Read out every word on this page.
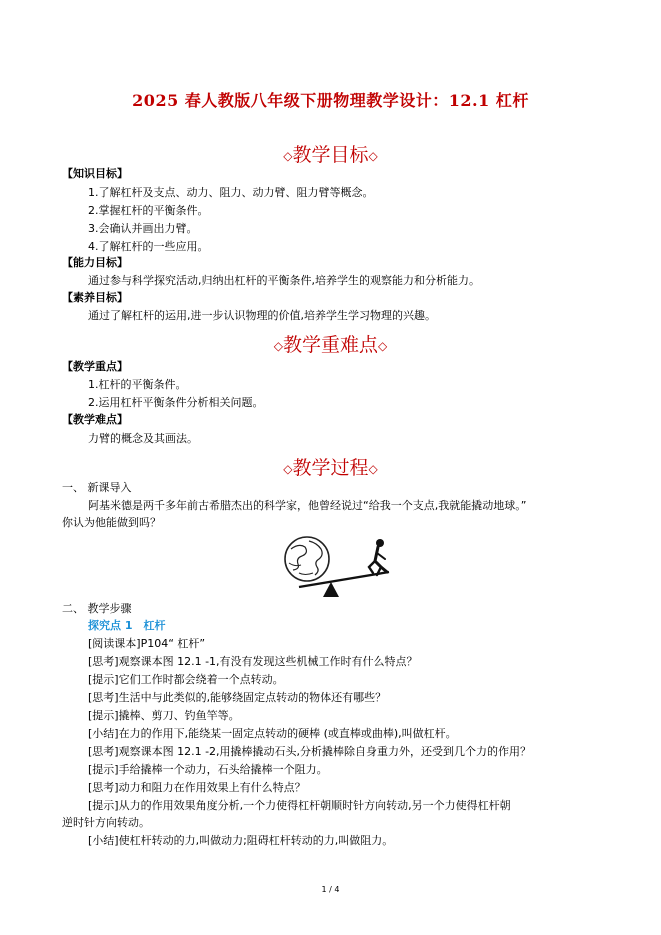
2025 春人教版八年级下册物理教学设计：12.1 杠杆
◇教学目标◇
【知识目标】
1.了解杠杆及支点、动力、阻力、动力臂、阻力臂等概念。
2.掌握杠杆的平衡条件。
3.会确认并画出力臂。
4.了解杠杆的一些应用。
【能力目标】
通过参与科学探究活动,归纳出杠杆的平衡条件,培养学生的观察能力和分析能力。
【素养目标】
通过了解杠杆的运用,进一步认识物理的价值,培养学生学习物理的兴趣。
◇教学重难点◇
【教学重点】
1.杠杆的平衡条件。
2.运用杠杆平衡条件分析相关问题。
【教学难点】
力臂的概念及其画法。
◇教学过程◇
一、 新课导入
阿基米德是两千多年前古希腊杰出的科学家，他曾经说过“给我一个支点,我就能撬动地球。”
你认为他能做到吗？
二、 教学步骤
探究点 1　杠杆
[阅读课本]P104“ 杠杆”
[思考]观察课本图 12.1 -1,有没有发现这些机械工作时有什么特点？
[提示]它们工作时都会绕着一个点转动。
[思考]生活中与此类似的,能够绕固定点转动的物体还有哪些？
[提示]撬棒、剪刀、钓鱼竿等。
[小结]在力的作用下,能绕某一固定点转动的硬棒 (或直棒或曲棒),叫做杠杆。
[思考]观察课本图 12.1 -2,用撬棒撬动石头,分析撬棒除自身重力外，还受到几个力的作用？
[提示]手给撬棒一个动力，石头给撬棒一个阻力。
[思考]动力和阻力在作用效果上有什么特点？
[提示]从力的作用效果角度分析,一个力使得杠杆朝顺时针方向转动,另一个力使得杠杆朝
逆时针方向转动。
[小结]使杠杆转动的力,叫做动力;阻碍杠杆转动的力,叫做阻力。
1 / 4
